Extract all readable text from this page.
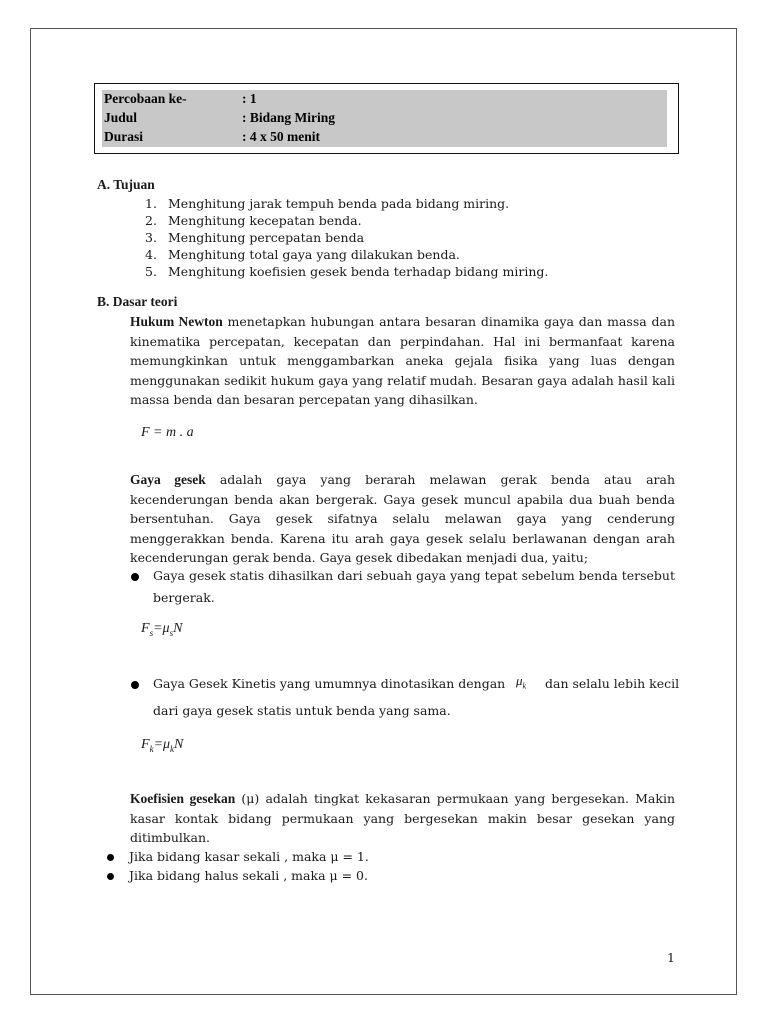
Percobaan ke-	: 1
Judul	: Bidang Miring
Durasi	: 4 x 50 menit
A. Tujuan
1. Menghitung jarak tempuh benda pada bidang miring.
2. Menghitung kecepatan benda.
3. Menghitung percepatan benda
4. Menghitung total gaya yang dilakukan benda.
5. Menghitung koefisien gesek benda terhadap bidang miring.
B. Dasar teori

Hukum Newton menetapkan hubungan antara besaran dinamika gaya dan massa dan kinematika percepatan, kecepatan dan perpindahan. Hal ini bermanfaat karena memungkinkan untuk menggambarkan aneka gejala fisika yang luas dengan menggunakan sedikit hukum gaya yang relatif mudah. Besaran gaya adalah hasil kali massa benda dan besaran percepatan yang dihasilkan.

F = m . a

Gaya gesek adalah gaya yang berarah melawan gerak benda atau arah kecenderungan benda akan bergerak. Gaya gesek muncul apabila dua buah benda bersentuhan. Gaya gesek sifatnya selalu melawan gaya yang cenderung menggerakkan benda. Karena itu arah gaya gesek selalu berlawanan dengan arah kecenderungan gerak benda. Gaya gesek dibedakan menjadi dua, yaitu;

Gaya gesek statis dihasilkan dari sebuah gaya yang tepat sebelum benda tersebut bergerak.

$F_s=\mu_sN$
Gaya Gesek Kinetis yang umumnya dinotasikan dengan $\mu_k$ dan selalu lebih kecil
dari gaya gesek statis untuk benda yang sama.
$F_k=\mu_kN$

Koefisien gesekan (μ) adalah tingkat kekasaran permukaan yang bergesekan. Makin kasar kontak bidang permukaan yang bergesekan makin besar gesekan yang ditimbulkan.

Jika bidang kasar sekali , maka μ = 1.
Jika bidang halus sekali , maka μ = 0.
1
